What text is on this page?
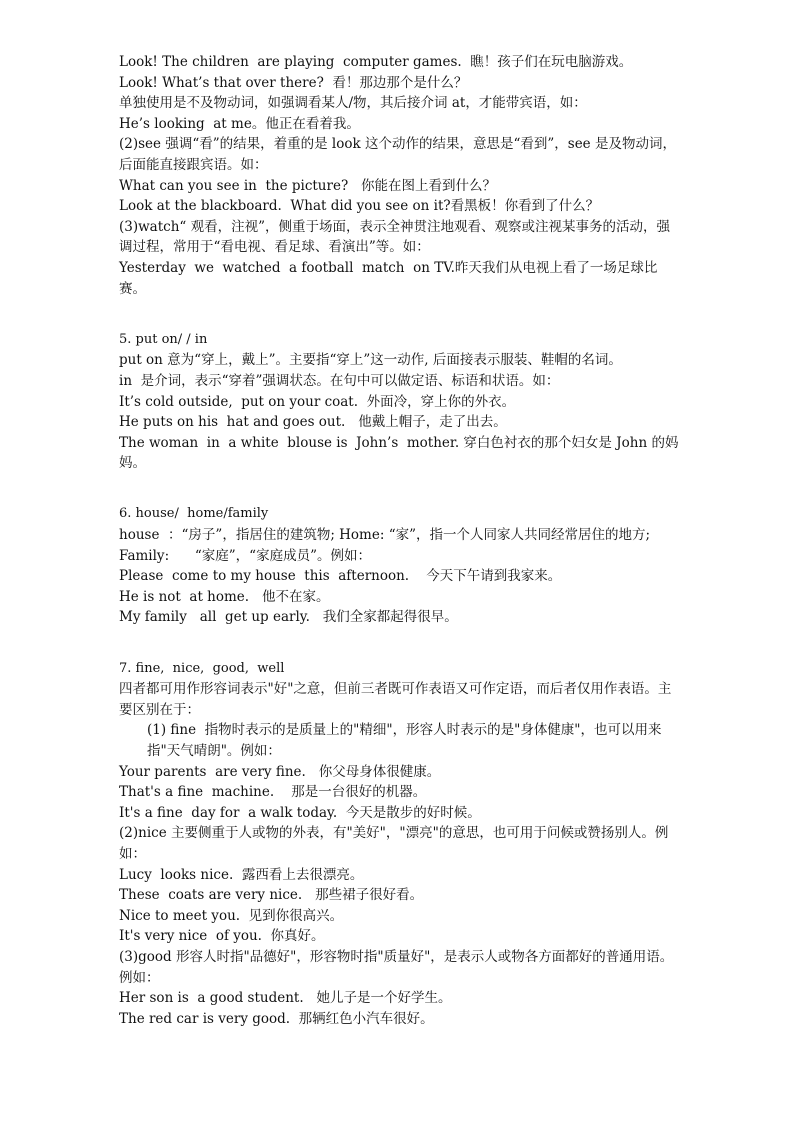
Look! The children  are playing  computer games.  瞧！孩子们在玩电脑游戏。
Look! What’s that over there?  看！那边那个是什么？
单独使用是不及物动词，如强调看某人/物，其后接介词 at，才能带宾语，如：
He’s looking  at me。他正在看着我。
(2)see 强调“看”的结果，着重的是 look 这个动作的结果，意思是“看到”，see 是及物动词，后面能直接跟宾语。如：
What can you see in  the picture?   你能在图上看到什么？
Look at the blackboard.  What did you see on it?看黑板！你看到了什么？
(3)watch“ 观看，注视”，侧重于场面，表示全神贯注地观看、观察或注视某事务的活动，强调过程，常用于“看电视、看足球、看演出”等。如：
Yesterday  we  watched  a football  match  on TV.昨天我们从电视上看了一场足球比赛。
5. put on/ / in
put on 意为“穿上，戴上”。主要指“穿上”这一动作, 后面接表示服装、鞋帽的名词。
in  是介词，表示“穿着”强调状态。在句中可以做定语、标语和状语。如：
It’s cold outside,  put on your coat.  外面冷，穿上你的外衣。
He puts on his  hat and goes out.   他戴上帽子，走了出去。
The woman  in  a white  blouse is  John’s  mother. 穿白色衬衣的那个妇女是 John 的妈妈。
6. house/  home/family
house  ：“房子”，指居住的建筑物; Home: “家”，指一个人同家人共同经常居住的地方; Family:      “家庭”，“家庭成员”。例如：
Please  come to my house  this  afternoon.    今天下午请到我家来。
He is not  at home.   他不在家。
My family   all  get up early.   我们全家都起得很早。
7. fine,  nice,  good,  well
四者都可用作形容词表示"好"之意，但前三者既可作表语又可作定语，而后者仅用作表语。主要区别在于：
(1) fine  指物时表示的是质量上的"精细"，形容人时表示的是"身体健康"，也可以用来指"天气晴朗"。例如：
Your parents  are very fine.   你父母身体很健康。
That's a fine  machine.    那是一台很好的机器。
It's a fine  day for  a walk today.  今天是散步的好时候。
(2)nice 主要侧重于人或物的外表，有"美好"，"漂亮"的意思，也可用于问候或赞扬别人。例如：
Lucy  looks nice.  露西看上去很漂亮。
These  coats are very nice.   那些裙子很好看。
Nice to meet you.  见到你很高兴。
It's very nice  of you.  你真好。
(3)good 形容人时指"品德好"，形容物时指"质量好"，是表示人或物各方面都好的普通用语。例如：
Her son is  a good student.   她儿子是一个好学生。
The red car is very good.  那辆红色小汽车很好。
